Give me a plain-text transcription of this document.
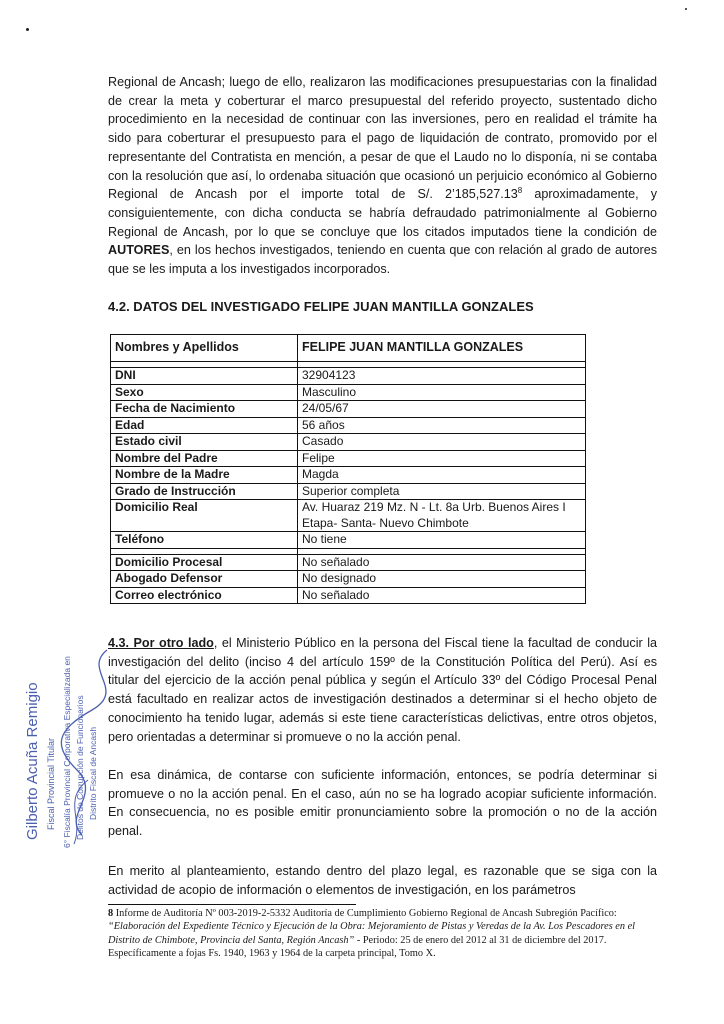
Regional de Ancash; luego de ello, realizaron las modificaciones presupuestarias con la finalidad de crear la meta y coberturar el marco presupuestal del referido proyecto, sustentado dicho procedimiento en la necesidad de continuar con las inversiones, pero en realidad el trámite ha sido para coberturar el presupuesto para el pago de liquidación de contrato, promovido por el representante del Contratista en mención, a pesar de que el Laudo no lo disponía, ni se contaba con la resolución que así, lo ordenaba situación que ocasionó un perjuicio económico al Gobierno Regional de Ancash por el importe total de S/. 2’185,527.13$^8$ aproximadamente, y consiguientemente, con dicha conducta se habría defraudado patrimonialmente al Gobierno Regional de Ancash, por lo que se concluye que los citados imputados tiene la condición de AUTORES, en los hechos investigados, teniendo en cuenta que con relación al grado de autores que se les imputa a los investigados incorporados.

4.2. DATOS DEL INVESTIGADO FELIPE JUAN MANTILLA GONZALES
Nombres y Apellidos	FELIPE JUAN MANTILLA GONZALES

DNI	32904123
Sexo	Masculino
Fecha de Nacimiento	24/05/67
Edad	56 años
Estado civil	Casado
Nombre del Padre	Felipe
Nombre de la Madre	Magda
Grado de Instrucción	Superior completa
Domicilio Real	Av. Huaraz 219 Mz. N - Lt. 8a Urb. Buenos Aires I Etapa- Santa- Nuevo Chimbote
Teléfono	No tiene

Domicilio Procesal	No señalado
Abogado Defensor	No designado
Correo electrónico	No señalado

4.3. Por otro lado, el Ministerio Público en la persona del Fiscal tiene la facultad de conducir la investigación del delito (inciso 4 del artículo 159º de la Constitución Política del Perú). Así es titular del ejercicio de la acción penal pública y según el Artículo 33º del Código Procesal Penal está facultado en realizar actos de investigación destinados a determinar si el hecho objeto de conocimiento ha tenido lugar, además si este tiene características delictivas, entre otros objetos, pero orientadas a determinar si promueve o no la acción penal.

En esa dinámica, de contarse con suficiente información, entonces, se podría determinar si promueve o no la acción penal. En el caso, aún no se ha logrado acopiar suficiente información. En consecuencia, no es posible emitir pronunciamiento sobre la promoción o no de la acción penal.

En merito al planteamiento, estando dentro del plazo legal, es razonable que se siga con la actividad de acopio de información o elementos de investigación, en los parámetros

8 Informe de Auditoría Nº 003-2019-2-5332 Auditoría de Cumplimiento Gobierno Regional de Ancash Subregión Pacífico: “Elaboración del Expediente Técnico y Ejecución de la Obra: Mejoramiento de Pistas y Veredas de la Av. Los Pescadores en el Distrito de Chimbote, Provincia del Santa, Región Ancash” - Periodo: 25 de enero del 2012 al 31 de diciembre del 2017. Específicamente a fojas Fs. 1940, 1963 y 1964 de la carpeta principal, Tomo X.

Gilberto Acuña Remigio Fiscal Provincial Titular 6° Fiscalía Provincial Corporativa Especializada en Delitos de Corrupción de Funcionarios Distrito Fiscal de Ancash
